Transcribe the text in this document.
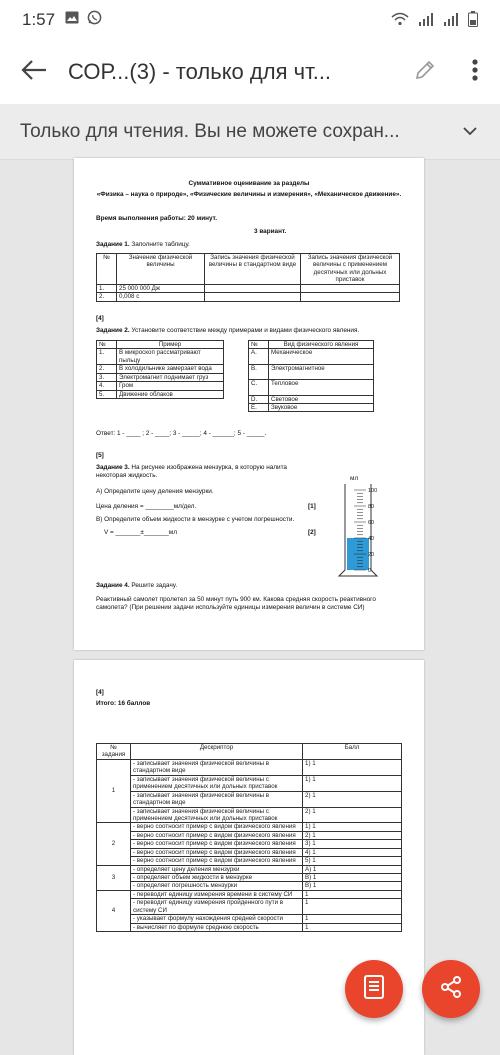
1:57
СОР...(3) - только для чт...
Только для чтения. Вы не можете сохран...
Суммативное оценивание за разделы
«Физика – наука о природе», «Физические величины и измерения», «Механическое движение».
Время выполнения работы: 20 минут.
3 вариант.
Задание 1. Заполните таблицу.
№	Значение физической величины	Запись значения физической величины в стандартном виде	Запись значения физической величины с применением десятичных или дольных приставок
1.	25 000 000 Дж		
2.	0,008 с		
[4]
Задание 2. Установите соответствие между примерами и видами физического явления.
№	Пример
1.	В микроскоп рассматривают пыльцу
2.	В холодильнике замерзает вода
3.	Электромагнит поднимает груз
4.	Гром
5.	Движение облаков
№	Вид физического явления
А.	Механическое
В.	Электромагнитное
С.	Тепловое
D.	Световое
Е.	Звуковое
Ответ: 1 - ____ ; 2 - ____; 3 - _____; 4 - ______; 5 - _____.
[5]
Задание 3. На рисунке изображена мензурка, в которую налита некоторая жидкость.
А) Определите цену деления мензурки.
Цена деления = ________мл/дел.	[1]
В) Определите объем жидкости в мензурке с учетом погрешности.
V = _______±_______мл	[2]
мл
100
80
60
40
20
0
Задание 4. Решите задачу.
Реактивный самолет пролетел за 50 минут путь 900 км. Какова средняя скорость реактивного самолета? (При решении задачи используйте единицы измерения величин в системе СИ)
[4]
Итого: 16 баллов
№ задания	Дескриптор	Балл
1	- записывает значения физической величины в стандартном виде	1) 1
	- записывает значения физической величины с применением десятичных или дольных приставок	1) 1
	- записывает значения физической величины в стандартном виде	2) 1
	- записывает значения физической величины с применением десятичных или дольных приставок	2) 1
2	- верно соотносит пример с видом физического явления	1) 1
	- верно соотносит пример с видом физического явления	2) 1
	- верно соотносит пример с видом физического явления	3) 1
	- верно соотносит пример с видом физического явления	4) 1
	- верно соотносит пример с видом физического явления	5) 1
3	- определяет цену деления мензурки	А) 1
	- определяет объем жидкости в мензурке	В) 1
	- определяет погрешность мензурки	В) 1
4	- переводит единицу измерения времени в систему СИ	1
	- переводит единицу измерения пройденного пути в систему СИ	1
	- указывает формулу нахождения средней скорости	1
	- вычисляет по формуле среднюю скорость	1
